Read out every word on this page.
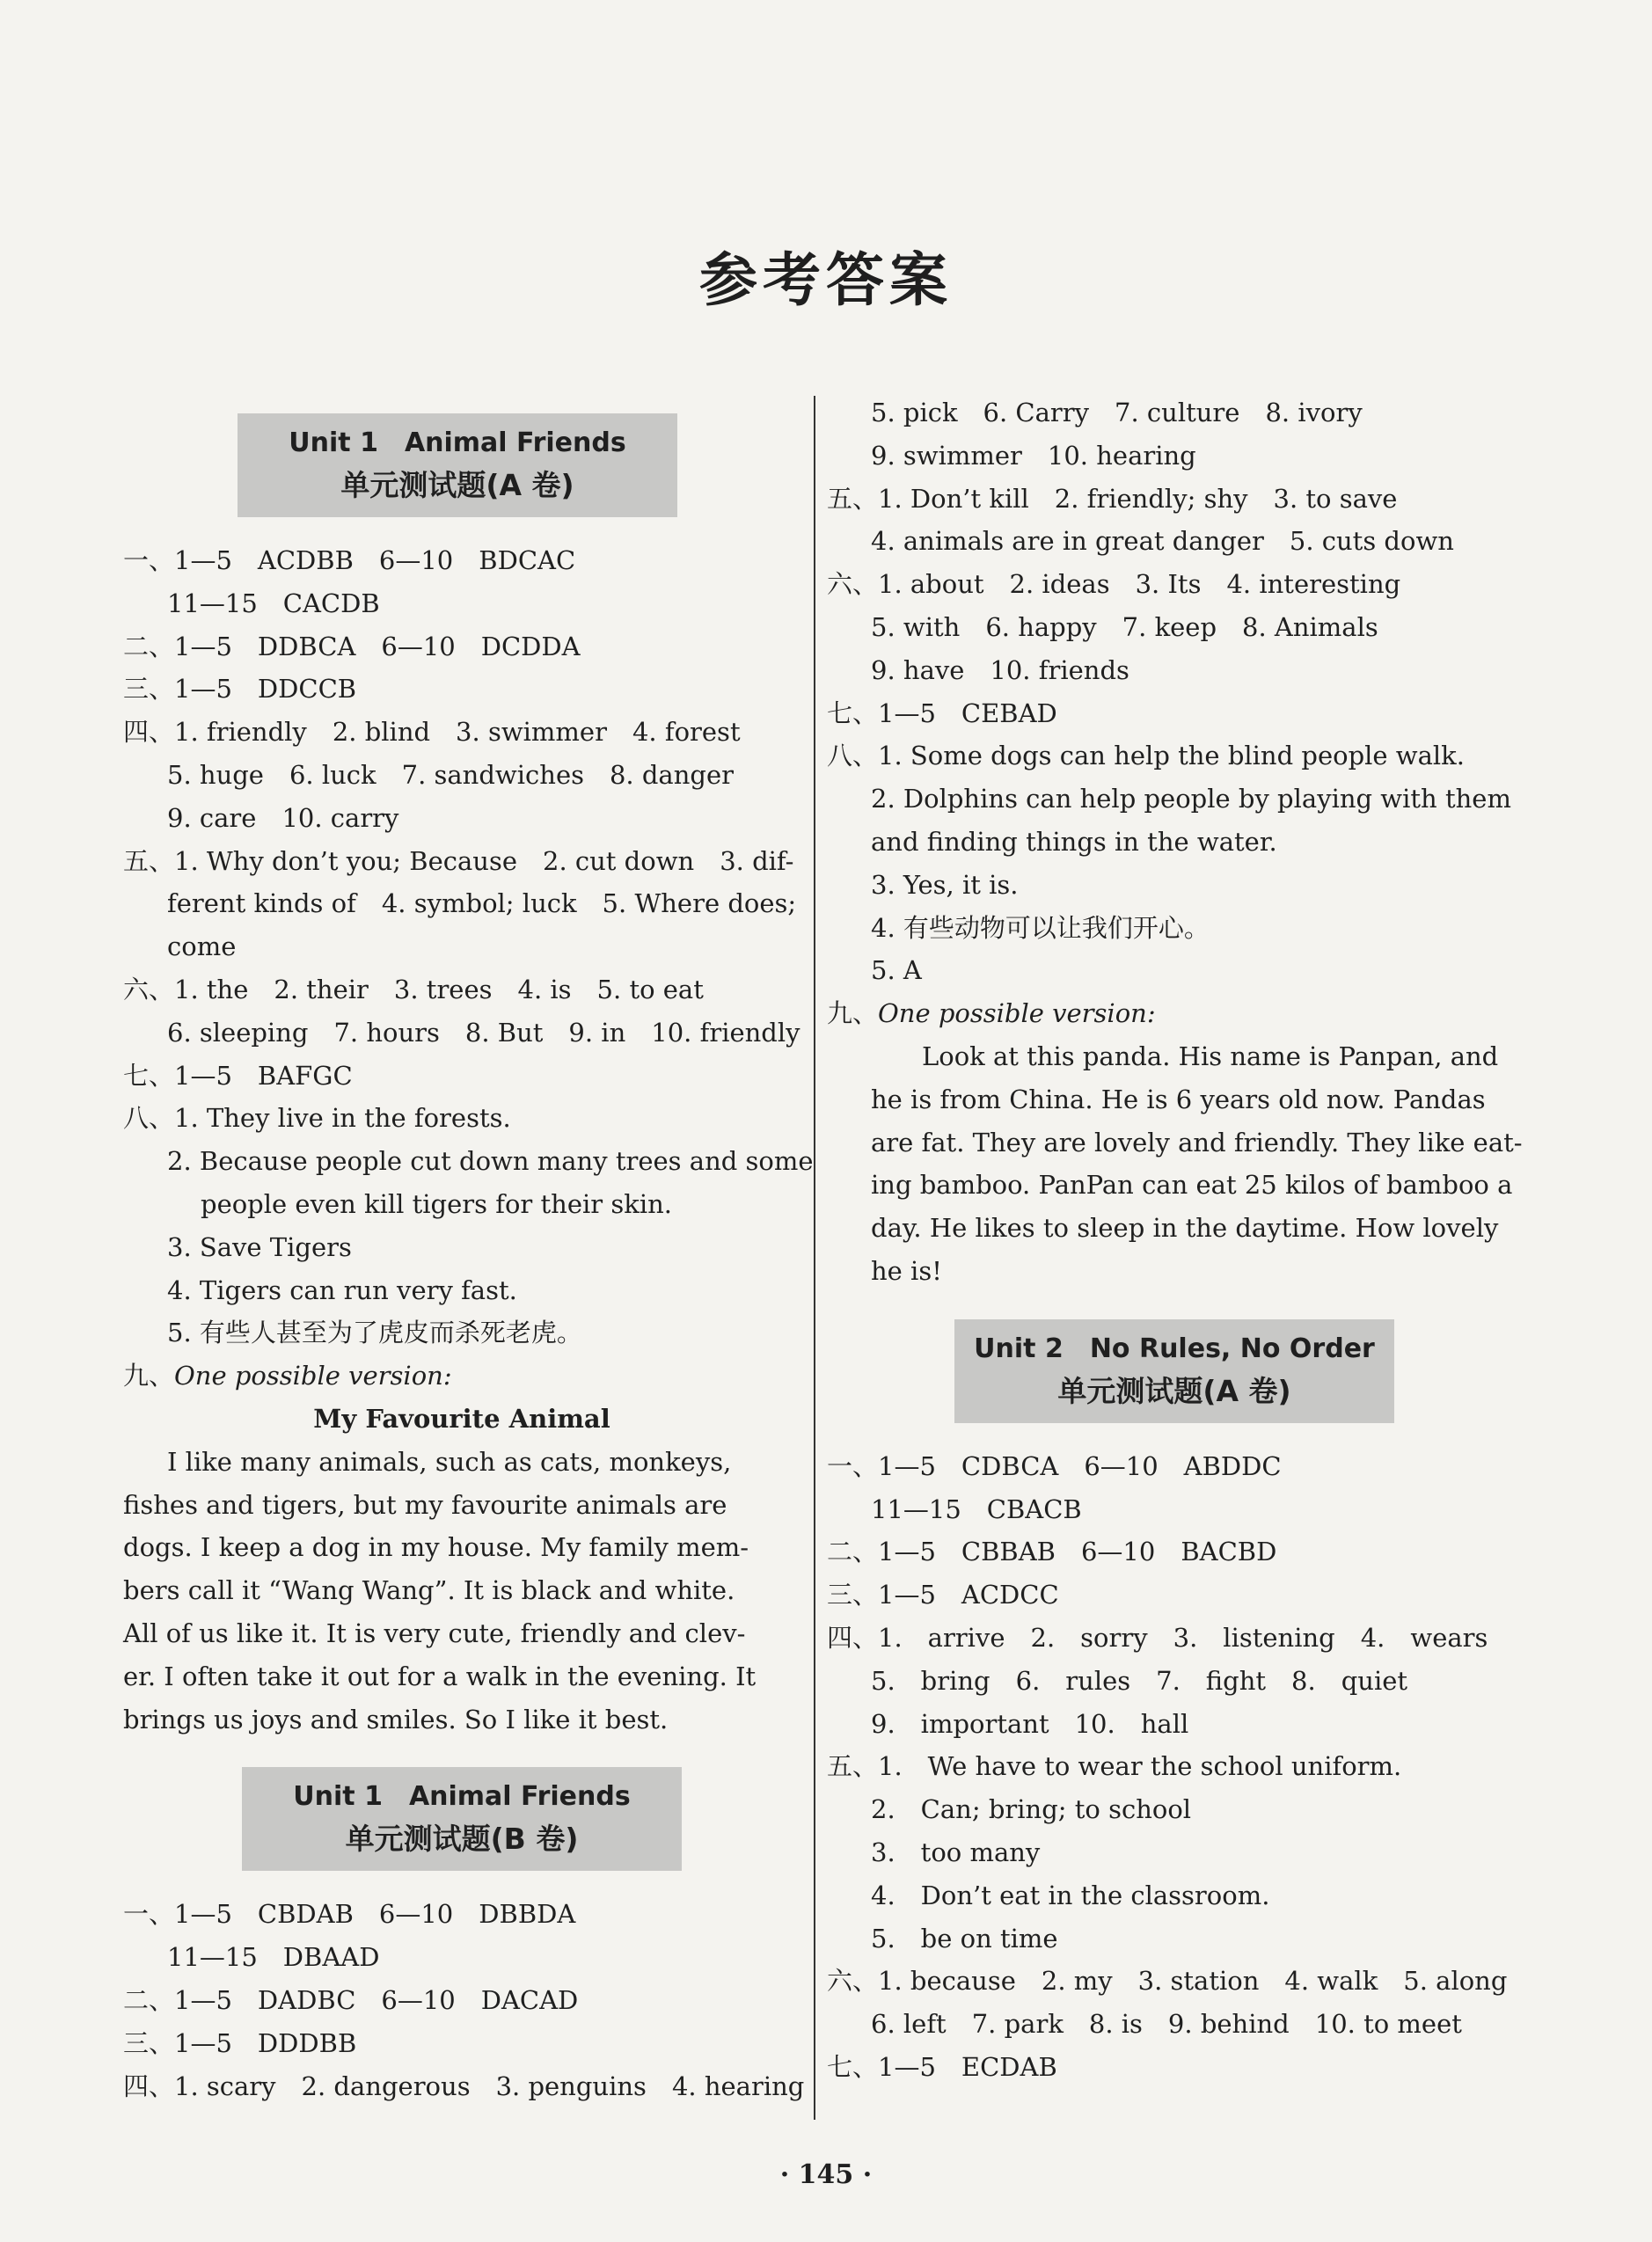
参考答案
Unit 1　Animal Friends
单元测试题(A 卷)
一、1—5　ACDBB　6—10　BDCAC
11—15　CACDB
二、1—5　DDBCA　6—10　DCDDA
三、1—5　DDCCB
四、1. friendly　2. blind　3. swimmer　4. forest
5. huge　6. luck　7. sandwiches　8. danger
9. care　10. carry
五、1. Why don’t you; Because　2. cut down　3. dif-
ferent kinds of　4. symbol; luck　5. Where does;
come
六、1. the　2. their　3. trees　4. is　5. to eat
6. sleeping　7. hours　8. But　9. in　10. friendly
七、1—5　BAFGC
八、1. They live in the forests.
2. Because people cut down many trees and some
people even kill tigers for their skin.
3. Save Tigers
4. Tigers can run very fast.
5. 有些人甚至为了虎皮而杀死老虎。
九、One possible version:
My Favourite Animal
I like many animals, such as cats, monkeys,
fishes and tigers, but my favourite animals are
dogs. I keep a dog in my house. My family mem-
bers call it “Wang Wang”. It is black and white.
All of us like it. It is very cute, friendly and clev-
er. I often take it out for a walk in the evening. It
brings us joys and smiles. So I like it best.
Unit 1　Animal Friends
单元测试题(B 卷)
一、1—5　CBDAB　6—10　DBBDA
11—15　DBAAD
二、1—5　DADBC　6—10　DACAD
三、1—5　DDDBB
四、1. scary　2. dangerous　3. penguins　4. hearing
5. pick　6. Carry　7. culture　8. ivory
9. swimmer　10. hearing
五、1. Don’t kill　2. friendly; shy　3. to save
4. animals are in great danger　5. cuts down
六、1. about　2. ideas　3. Its　4. interesting
5. with　6. happy　7. keep　8. Animals
9. have　10. friends
七、1—5　CEBAD
八、1. Some dogs can help the blind people walk.
2. Dolphins can help people by playing with them
and finding things in the water.
3. Yes, it is.
4. 有些动物可以让我们开心。
5. A
九、One possible version:
　　Look at this panda. His name is Panpan, and
he is from China. He is 6 years old now. Pandas
are fat. They are lovely and friendly. They like eat-
ing bamboo. PanPan can eat 25 kilos of bamboo a
day. He likes to sleep in the daytime. How lovely
he is!
Unit 2　No Rules, No Order
单元测试题(A 卷)
一、1—5　CDBCA　6—10　ABDDC
11—15　CBACB
二、1—5　CBBAB　6—10　BACBD
三、1—5　ACDCC
四、1.　arrive　2.　sorry　3.　listening　4.　wears
5.　bring　6.　rules　7.　fight　8.　quiet
9.　important　10.　hall
五、1.　We have to wear the school uniform.
2.　Can; bring; to school
3.　too many
4.　Don’t eat in the classroom.
5.　be on time
六、1. because　2. my　3. station　4. walk　5. along
6. left　7. park　8. is　9. behind　10. to meet
七、1—5　ECDAB
· 145 ·
